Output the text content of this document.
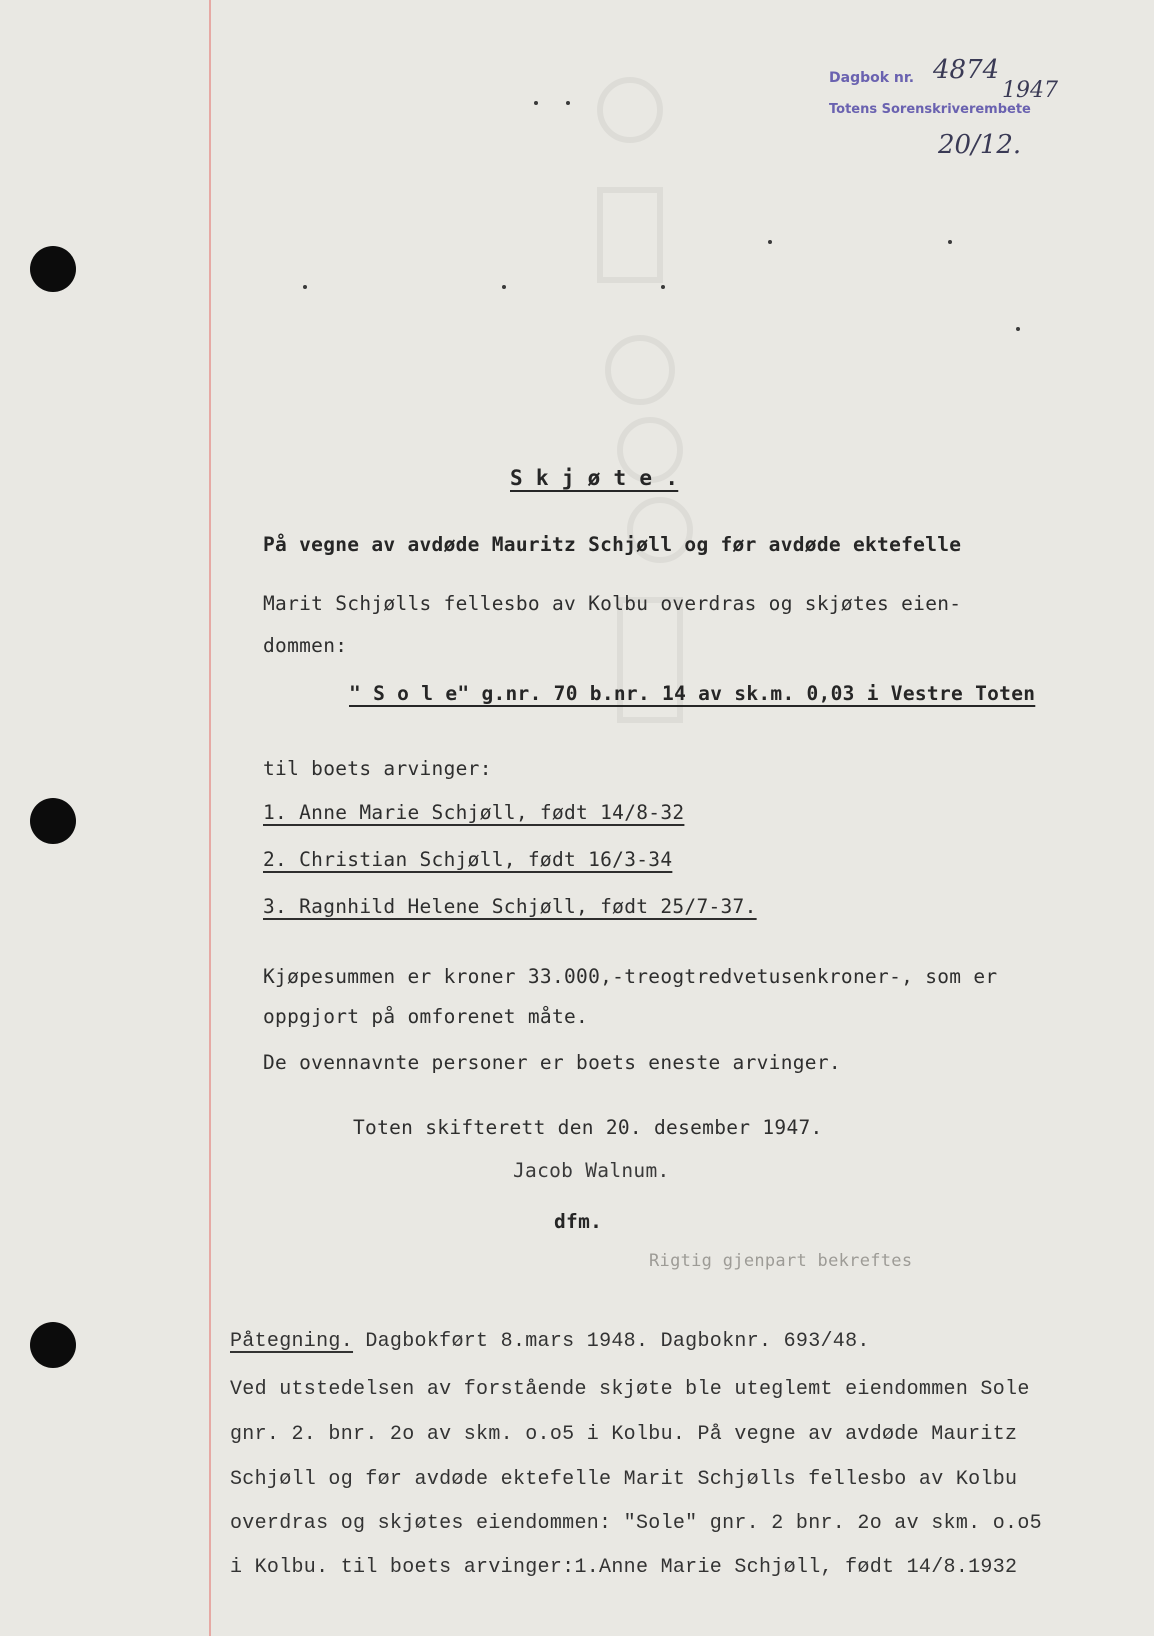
Dagbok nr.
Totens Sorenskriverembete
4874
1947
20/12.
S k j ø t e .
På vegne av avdøde Mauritz Schjøll og før avdøde ektefelle
Marit Schjølls fellesbo av Kolbu overdras og skjøtes eien-
dommen:
" S o l e" g.nr. 70 b.nr. 14 av sk.m. 0,03 i Vestre Toten
til boets arvinger:
1. Anne Marie Schjøll, født 14/8-32
2. Christian Schjøll, født 16/3-34
3. Ragnhild Helene Schjøll, født 25/7-37.
Kjøpesummen er kroner 33.000,-treogtredvetusenkroner-, som er
oppgjort på omforenet måte.
De ovennavnte personer er boets eneste arvinger.
Toten skifterett den 20. desember 1947.
Jacob Walnum.
dfm.
Rigtig gjenpart bekreftes
Påtegning. Dagbokført 8.mars 1948. Dagboknr. 693/48.
Ved utstedelsen av forstående skjøte ble uteglemt eiendommen Sole
gnr. 2. bnr. 2o av skm. o.o5 i Kolbu. På vegne av avdøde Mauritz
Schjøll og før avdøde ektefelle Marit Schjølls fellesbo av Kolbu
overdras og skjøtes eiendommen: "Sole" gnr. 2 bnr. 2o av skm. o.o5
i Kolbu. til boets arvinger:1.Anne Marie Schjøll, født 14/8.1932
